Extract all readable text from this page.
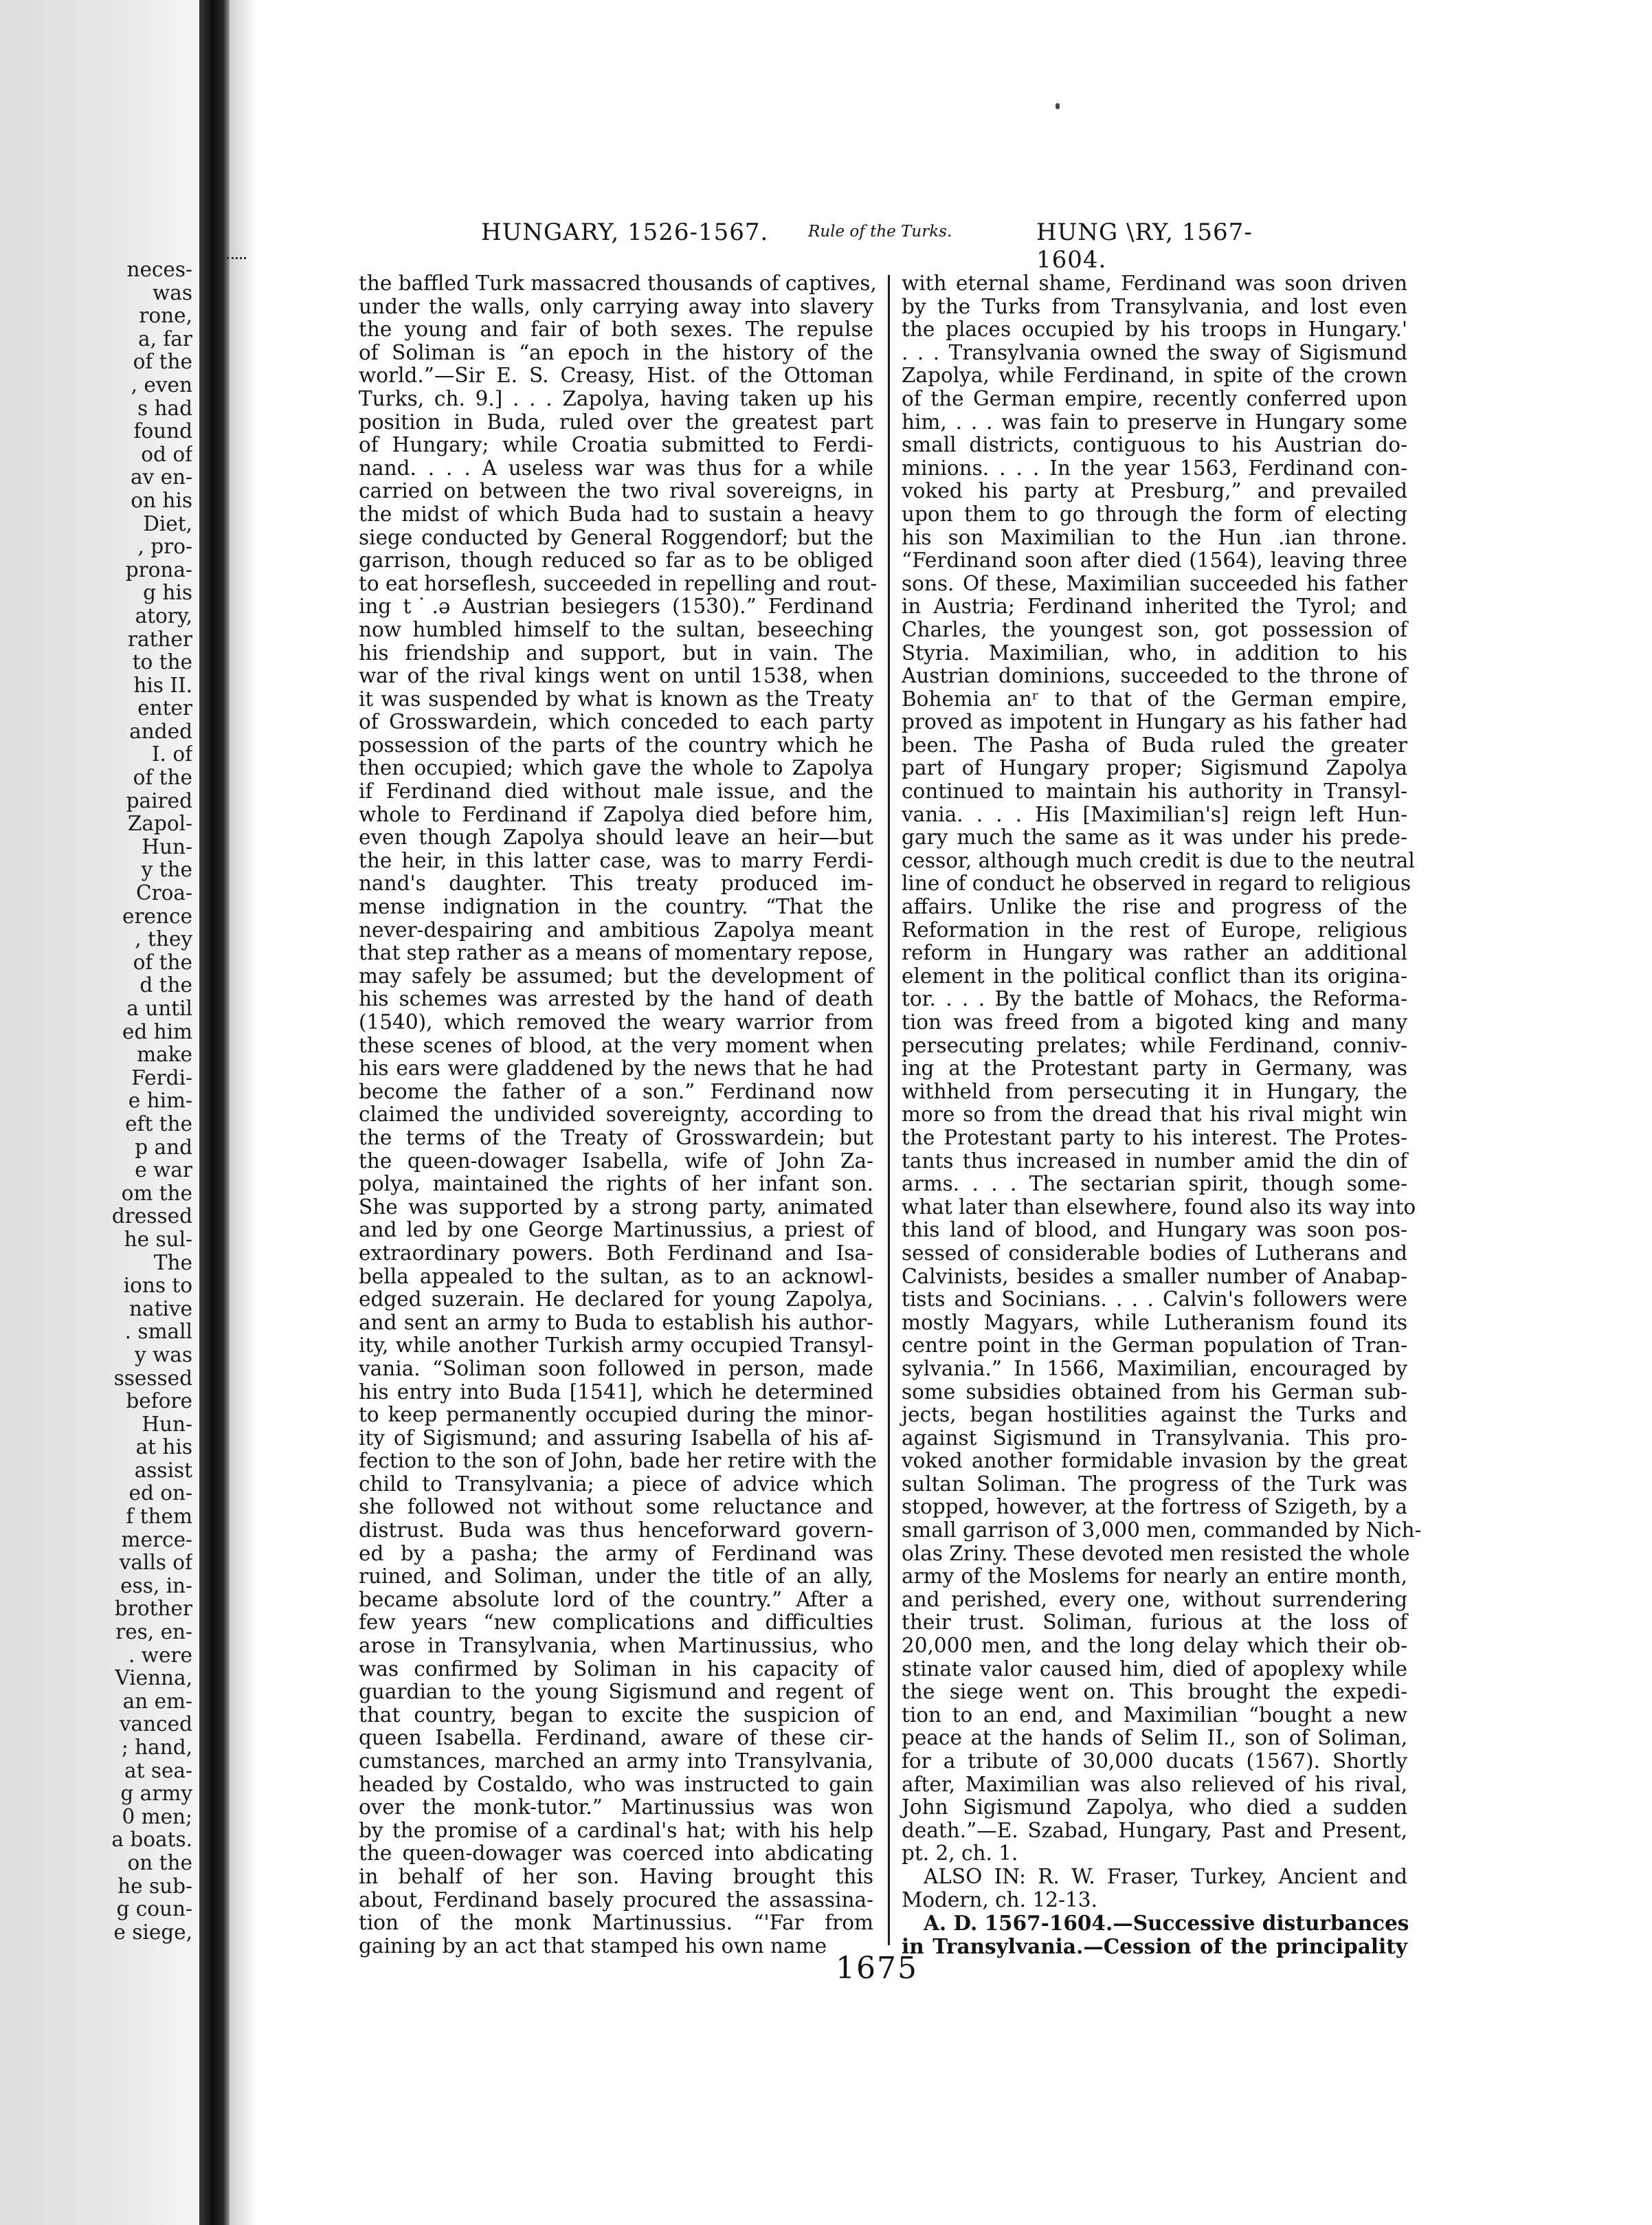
neces-
was
rone,
a, far
of the
, even
s had
found
od of
av en-
on his
Diet,
, pro-
prona-
g his
atory,
rather
to the
his II.
enter
anded
I. of
of the
paired
Zapol-
Hun-
y the
Croa-
erence
, they
of the
d the
a until
ed him
make
Ferdi-
e him-
eft the
p and
e war
om the
dressed
he sul-
The
ions to
native
. small
y was
ssessed
before
Hun-
at his
assist
ed on-
f them
merce-
valls of
ess, in-
brother
res, en-
. were
Vienna,
an em-
vanced
; hand,
at sea-
g army
0 men;
a boats.
on the
he sub-
g coun-
e siege,
HUNGARY, 1526-1567.	Rule of the Turks.	HUNG \RY, 1567-1604.
the baffled Turk massacred thousands of captives,
under the walls, only carrying away into slavery
the young and fair of both sexes. The repulse
of Soliman is “an epoch in the history of the
world.”—Sir E. S. Creasy, Hist. of the Ottoman
Turks, ch. 9.] . . . Zapolya, having taken up his
position in Buda, ruled over the greatest part
of Hungary; while Croatia submitted to Ferdi-
nand. . . . A useless war was thus for a while
carried on between the two rival sovereigns, in
the midst of which Buda had to sustain a heavy
siege conducted by General Roggendorf; but the
garrison, though reduced so far as to be obliged
to eat horseflesh, succeeded in repelling and rout-
ing t˙.ə Austrian besiegers (1530).” Ferdinand
now humbled himself to the sultan, beseeching
his friendship and support, but in vain. The
war of the rival kings went on until 1538, when
it was suspended by what is known as the Treaty
of Grosswardein, which conceded to each party
possession of the parts of the country which he
then occupied; which gave the whole to Zapolya
if Ferdinand died without male issue, and the
whole to Ferdinand if Zapolya died before him,
even though Zapolya should leave an heir—but
the heir, in this latter case, was to marry Ferdi-
nand's daughter. This treaty produced im-
mense indignation in the country. “That the
never-despairing and ambitious Zapolya meant
that step rather as a means of momentary repose,
may safely be assumed; but the development of
his schemes was arrested by the hand of death
(1540), which removed the weary warrior from
these scenes of blood, at the very moment when
his ears were gladdened by the news that he had
become the father of a son.” Ferdinand now
claimed the undivided sovereignty, according to
the terms of the Treaty of Grosswardein; but
the queen-dowager Isabella, wife of John Za-
polya, maintained the rights of her infant son.
She was supported by a strong party, animated
and led by one George Martinussius, a priest of
extraordinary powers. Both Ferdinand and Isa-
bella appealed to the sultan, as to an acknowl-
edged suzerain. He declared for young Zapolya,
and sent an army to Buda to establish his author-
ity, while another Turkish army occupied Transyl-
vania. “Soliman soon followed in person, made
his entry into Buda [1541], which he determined
to keep permanently occupied during the minor-
ity of Sigismund; and assuring Isabella of his af-
fection to the son of John, bade her retire with the
child to Transylvania; a piece of advice which
she followed not without some reluctance and
distrust. Buda was thus henceforward govern-
ed by a pasha; the army of Ferdinand was
ruined, and Soliman, under the title of an ally,
became absolute lord of the country.” After a
few years “new complications and difficulties
arose in Transylvania, when Martinussius, who
was confirmed by Soliman in his capacity of
guardian to the young Sigismund and regent of
that country, began to excite the suspicion of
queen Isabella. Ferdinand, aware of these cir-
cumstances, marched an army into Transylvania,
headed by Costaldo, who was instructed to gain
over the monk-tutor.” Martinussius was won
by the promise of a cardinal's hat; with his help
the queen-dowager was coerced into abdicating
in behalf of her son. Having brought this
about, Ferdinand basely procured the assassina-
tion of the monk Martinussius. “'Far from
gaining by an act that stamped his own name
with eternal shame, Ferdinand was soon driven
by the Turks from Transylvania, and lost even
the places occupied by his troops in Hungary.'
. . . Transylvania owned the sway of Sigismund
Zapolya, while Ferdinand, in spite of the crown
of the German empire, recently conferred upon
him, . . . was fain to preserve in Hungary some
small districts, contiguous to his Austrian do-
minions. . . . In the year 1563, Ferdinand con-
voked his party at Presburg,” and prevailed
upon them to go through the form of electing
his son Maximilian to the Hun .ian throne.
“Ferdinand soon after died (1564), leaving three
sons. Of these, Maximilian succeeded his father
in Austria; Ferdinand inherited the Tyrol; and
Charles, the youngest son, got possession of
Styria. Maximilian, who, in addition to his
Austrian dominions, succeeded to the throne of
Bohemia anʳ to that of the German empire,
proved as impotent in Hungary as his father had
been. The Pasha of Buda ruled the greater
part of Hungary proper; Sigismund Zapolya
continued to maintain his authority in Transyl-
vania. . . . His [Maximilian's] reign left Hun-
gary much the same as it was under his prede-
cessor, although much credit is due to the neutral
line of conduct he observed in regard to religious
affairs. Unlike the rise and progress of the
Reformation in the rest of Europe, religious
reform in Hungary was rather an additional
element in the political conflict than its origina-
tor. . . . By the battle of Mohacs, the Reforma-
tion was freed from a bigoted king and many
persecuting prelates; while Ferdinand, conniv-
ing at the Protestant party in Germany, was
withheld from persecuting it in Hungary, the
more so from the dread that his rival might win
the Protestant party to his interest. The Protes-
tants thus increased in number amid the din of
arms. . . . The sectarian spirit, though some-
what later than elsewhere, found also its way into
this land of blood, and Hungary was soon pos-
sessed of considerable bodies of Lutherans and
Calvinists, besides a smaller number of Anabap-
tists and Socinians. . . . Calvin's followers were
mostly Magyars, while Lutheranism found its
centre point in the German population of Tran-
sylvania.” In 1566, Maximilian, encouraged by
some subsidies obtained from his German sub-
jects, began hostilities against the Turks and
against Sigismund in Transylvania. This pro-
voked another formidable invasion by the great
sultan Soliman. The progress of the Turk was
stopped, however, at the fortress of Szigeth, by a
small garrison of 3,000 men, commanded by Nich-
olas Zriny. These devoted men resisted the whole
army of the Moslems for nearly an entire month,
and perished, every one, without surrendering
their trust. Soliman, furious at the loss of
20,000 men, and the long delay which their ob-
stinate valor caused him, died of apoplexy while
the siege went on. This brought the expedi-
tion to an end, and Maximilian “bought a new
peace at the hands of Selim II., son of Soliman,
for a tribute of 30,000 ducats (1567). Shortly
after, Maximilian was also relieved of his rival,
John Sigismund Zapolya, who died a sudden
death.”—E. Szabad, Hungary, Past and Present,
pt. 2, ch. 1.
ALSO IN: R. W. Fraser, Turkey, Ancient and
Modern, ch. 12-13.
A. D. 1567-1604.—Successive disturbances
in Transylvania.—Cession of the principality
1675
